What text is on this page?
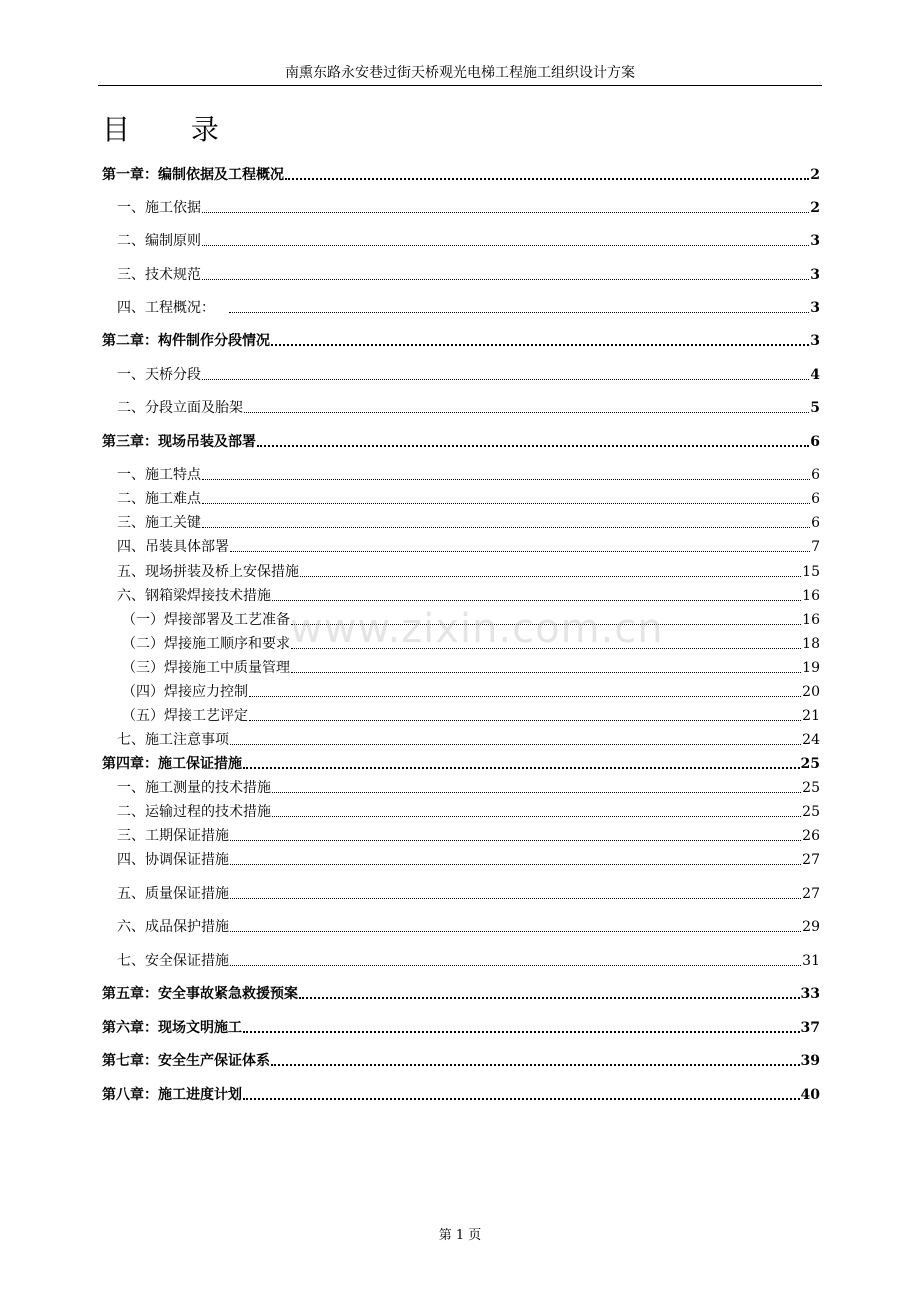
南熏东路永安巷过街天桥观光电梯工程施工组织设计方案
目 录
第一章：编制依据及工程概况	2
一、施工依据	2
二、编制原则	3
三、技术规范	3
四、工程概况：	3
第二章：构件制作分段情况	3
一、天桥分段	4
二、分段立面及胎架	5
第三章：现场吊装及部署	6
一、施工特点	6
二、施工难点	6
三、施工关键	6
四、吊装具体部署	7
五、现场拼装及桥上安保措施	15
六、钢箱梁焊接技术措施	16
（一）焊接部署及工艺准备	16
（二）焊接施工顺序和要求	18
（三）焊接施工中质量管理	19
（四）焊接应力控制	20
（五）焊接工艺评定	21
七、施工注意事项	24
第四章：施工保证措施	25
一、施工测量的技术措施	25
二、运输过程的技术措施	25
三、工期保证措施	26
四、协调保证措施	27
五、质量保证措施	27
六、成品保护措施	29
七、安全保证措施	31
第五章：安全事故紧急救援预案	33
第六章：现场文明施工	37
第七章：安全生产保证体系	39
第八章：施工进度计划	40
www.zixin.com.cn
第 1 页
